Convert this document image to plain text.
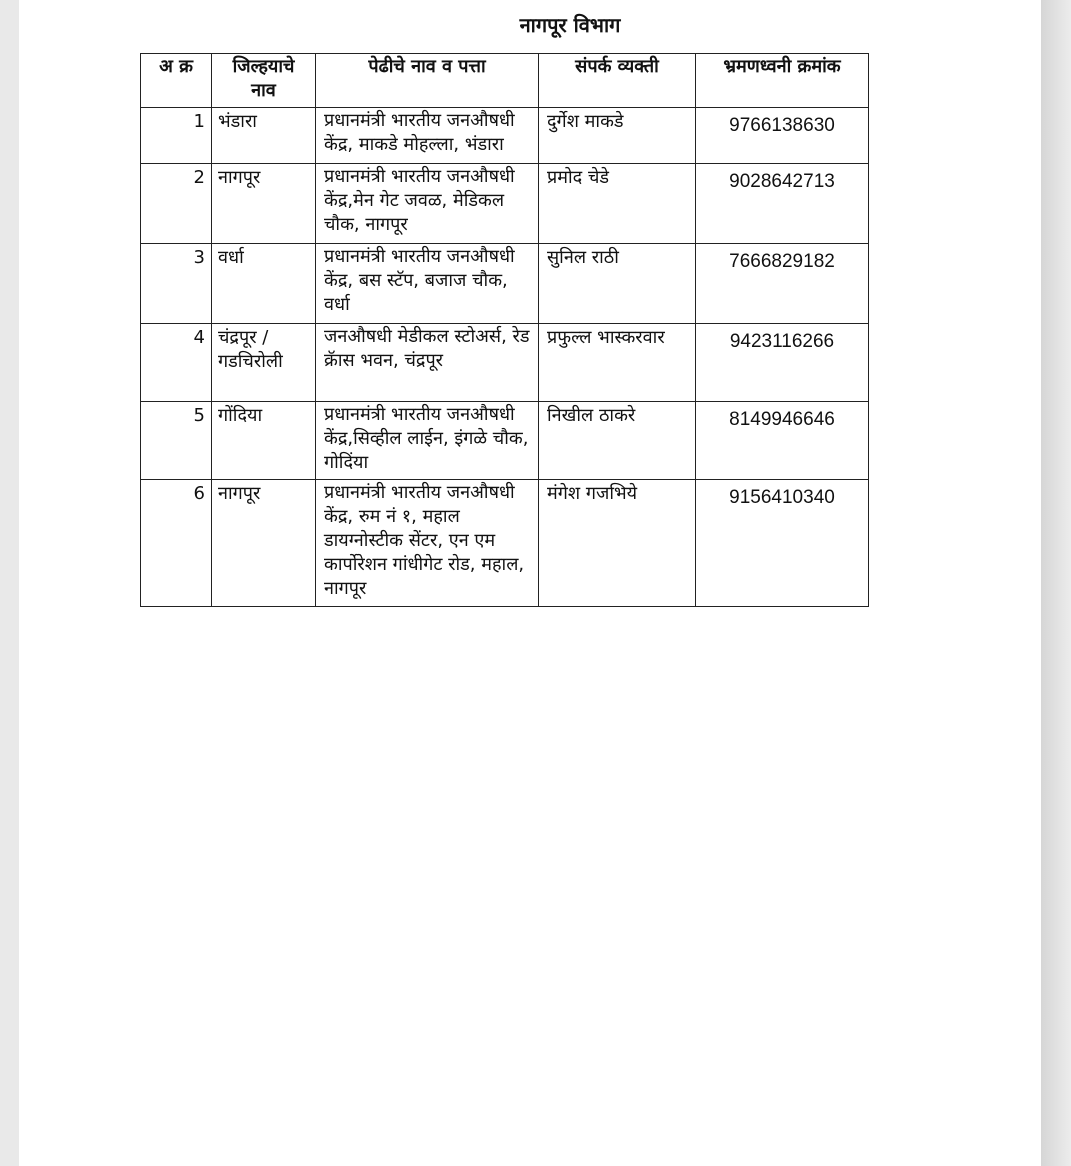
नागपूर विभाग
अ क्र	जिल्हयाचे नाव	पेढीचे नाव व पत्ता	संपर्क व्यक्ती	भ्रमणध्वनी क्रमांक
1	भंडारा	प्रधानमंत्री भारतीय जनऔषधी केंद्र, माकडे मोहल्ला, भंडारा	दुर्गेश माकडे	9766138630
2	नागपूर	प्रधानमंत्री भारतीय जनऔषधी केंद्र,मेन गेट जवळ, मेडिकल चौक, नागपूर	प्रमोद चेडे	9028642713
3	वर्धा	प्रधानमंत्री भारतीय जनऔषधी केंद्र, बस स्टॅप, बजाज चौक, वर्धा	सुनिल राठी	7666829182
4	चंद्रपूर /गडचिरोली	जनऔषधी मेडीकल स्टोअर्स, रेड क्रॅास भवन, चंद्रपूर	प्रफुल्ल भास्करवार	9423116266
5	गोंदिया	प्रधानमंत्री भारतीय जनऔषधी केंद्र,सिव्हील लाईन, इंगळे चौक, गोदिंया	निखील ठाकरे	8149946646
6	नागपूर	प्रधानमंत्री भारतीय जनऔषधी केंद्र, रुम नं १, महाल डायग्नोस्टीक सेंटर, एन एम कार्पोरेशन गांधीगेट रोड, महाल, नागपूर	मंगेश गजभिये	9156410340
